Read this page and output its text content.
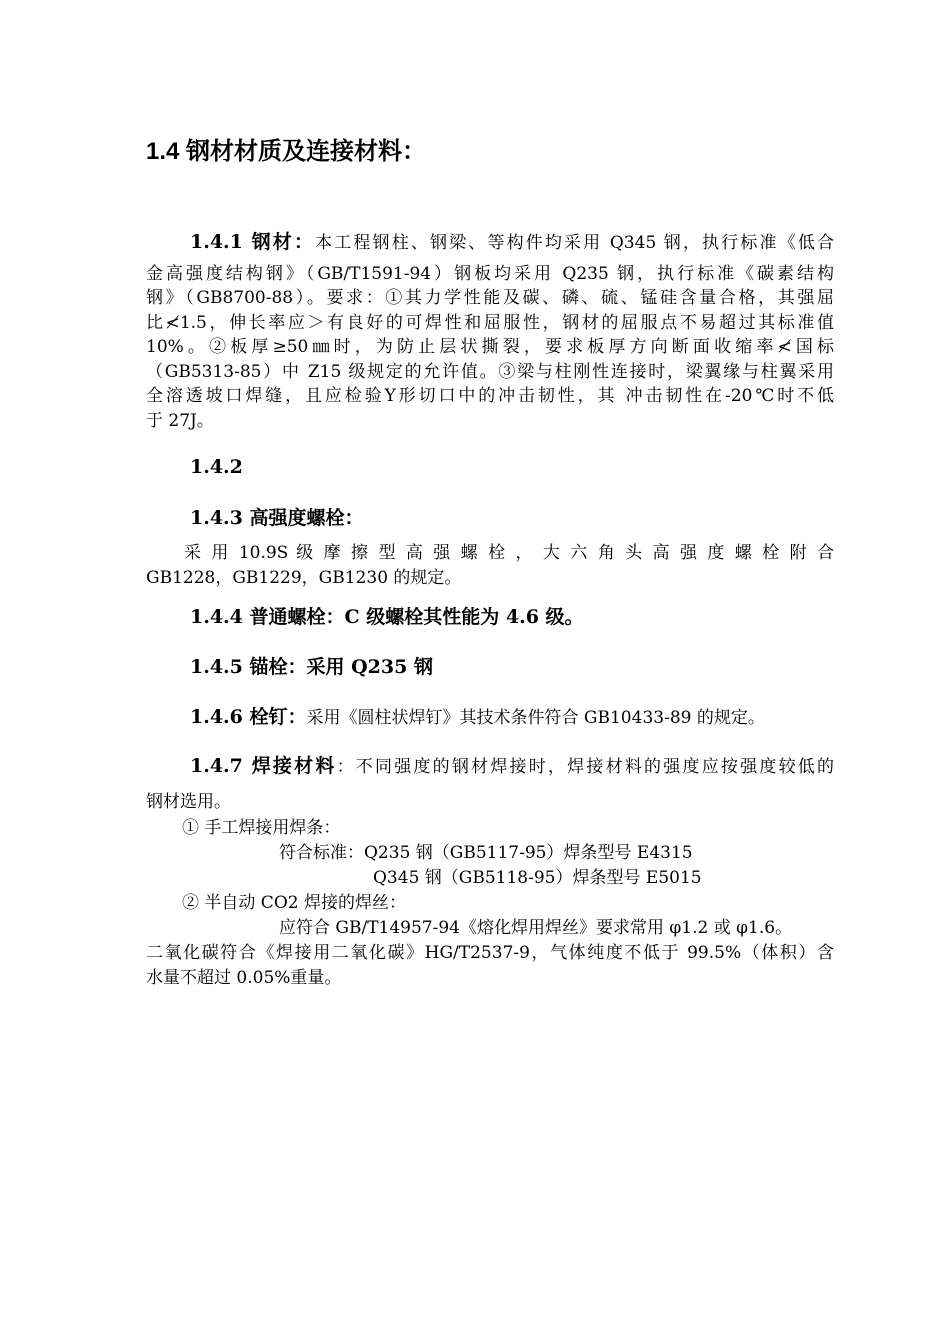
1.4 钢材材质及连接材料：
1.4.1 钢材：本工程钢柱、钢梁、等构件均采用 Q345 钢，执行标准《低合
金高强度结构钢》（GB/T1591-94）钢板均采用 Q235 钢，执行标准《碳素结构
钢》（GB8700-88）。要求：①其力学性能及碳、磷、硫、锰硅含量合格，其强屈
比≮1.5，伸长率应＞有良好的可焊性和屈服性，钢材的屈服点不易超过其标准值
10%。②板厚≥50㎜时，为防止层状撕裂，要求板厚方向断面收缩率≮国标
（GB5313-85）中 Z15 级规定的允许值。③梁与柱刚性连接时，梁翼缘与柱翼采用
全溶透坡口焊缝，且应检验Y形切口中的冲击韧性，其 冲击韧性在-20℃时不低
于 27J。
1.4.2
1.4.3 高强度螺栓：
采 用 10.9S 级 摩 擦 型 高 强 螺 栓 ， 大 六 角 头 高 强 度 螺 栓 附 合
GB1228，GB1229，GB1230 的规定。
1.4.4 普通螺栓：C 级螺栓其性能为 4.6 级。
1.4.5 锚栓：采用 Q235 钢
1.4.6 栓钉：采用《圆柱状焊钉》其技术条件符合 GB10433-89 的规定。
1.4.7 焊接材料：不同强度的钢材焊接时，焊接材料的强度应按强度较低的
钢材选用。
① 手工焊接用焊条：
符合标准：Q235 钢（GB5117-95）焊条型号 E4315
Q345 钢（GB5118-95）焊条型号 E5015
② 半自动 CO2 焊接的焊丝：
应符合 GB/T14957-94《熔化焊用焊丝》要求常用 φ1.2 或 φ1.6。
二氧化碳符合《焊接用二氧化碳》HG/T2537-9，气体纯度不低于 99.5%（体积）含
水量不超过 0.05%重量。
